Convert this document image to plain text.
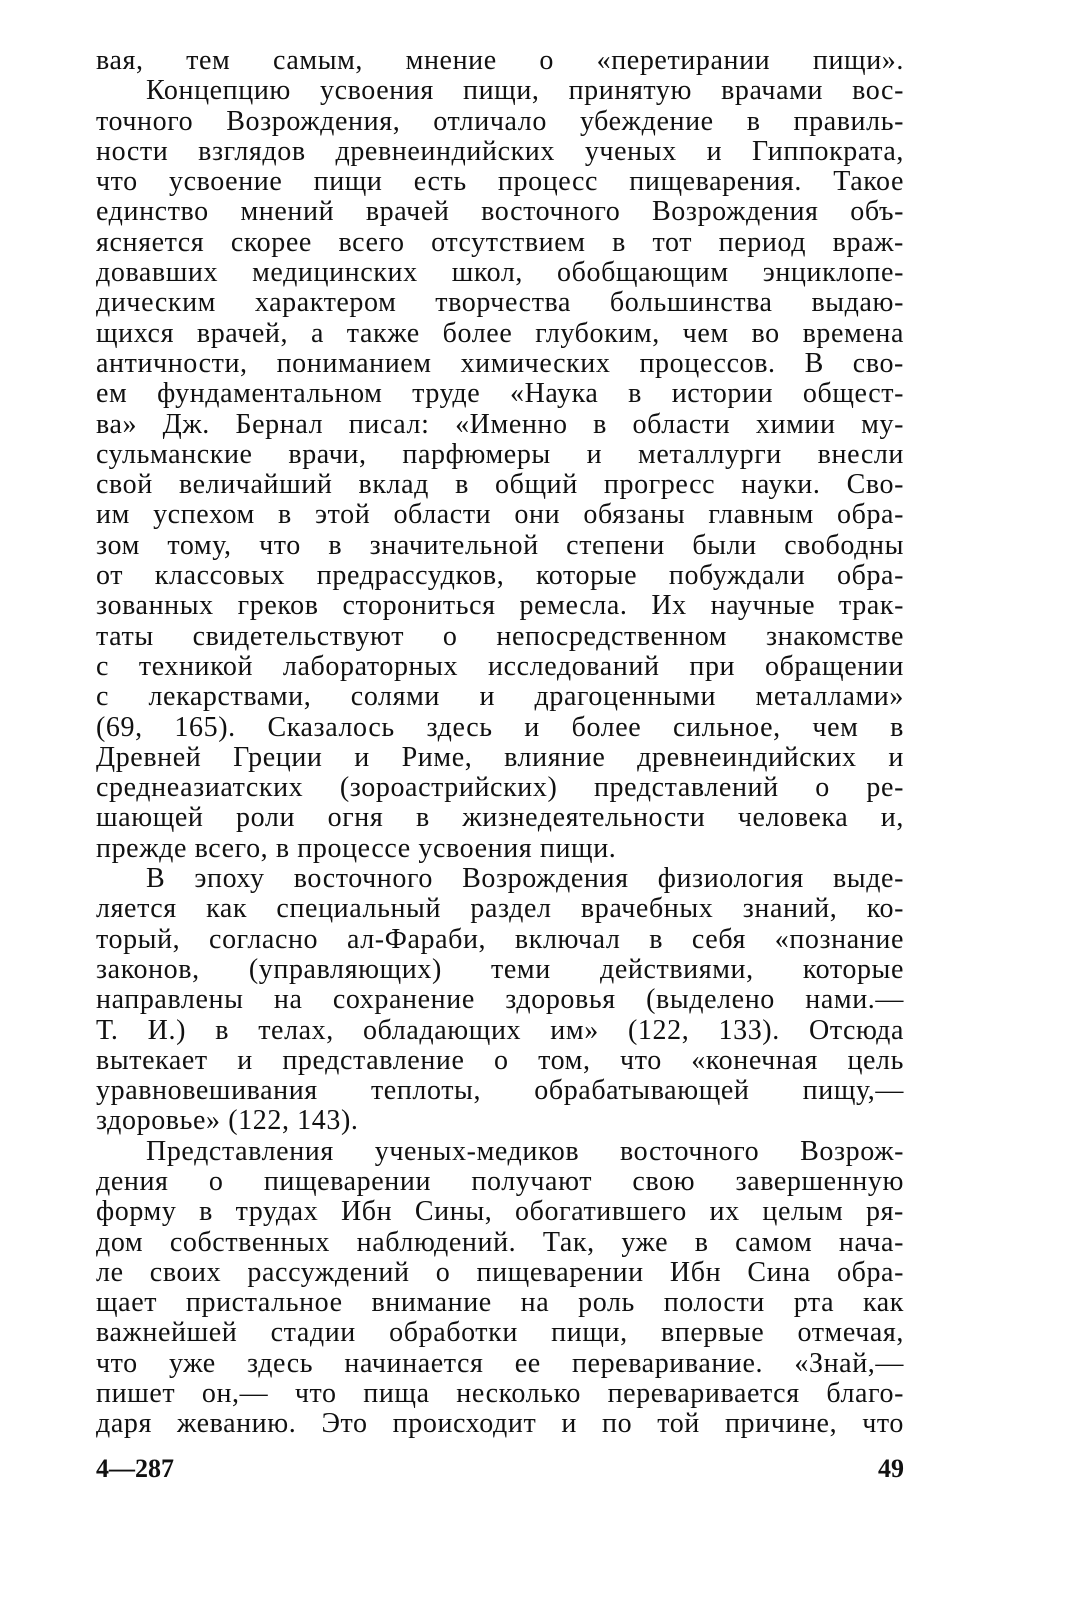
вая, тем самым, мнение о «перетирании пищи».
Концепцию усвоения пищи, принятую врачами вос-
точного Возрождения, отличало убеждение в правиль-
ности взглядов древнеиндийских ученых и Гиппократа,
что усвоение пищи есть процесс пищеварения. Такое
единство мнений врачей восточного Возрождения объ-
ясняется скорее всего отсутствием в тот период враж-
довавших медицинских школ, обобщающим энциклопе-
дическим характером творчества большинства выдаю-
щихся врачей, а также более глубоким, чем во времена
античности, пониманием химических процессов. В сво-
ем фундаментальном труде «Наука в истории общест-
ва» Дж. Бернал писал: «Именно в области химии му-
сульманские врачи, парфюмеры и металлурги внесли
свой величайший вклад в общий прогресс науки. Сво-
им успехом в этой области они обязаны главным обра-
зом тому, что в значительной степени были свободны
от классовых предрассудков, которые побуждали обра-
зованных греков сторониться ремесла. Их научные трак-
таты свидетельствуют о непосредственном знакомстве
с техникой лабораторных исследований при обращении
с лекарствами, солями и драгоценными металлами»
(69, 165). Сказалось здесь и более сильное, чем в
Древней Греции и Риме, влияние древнеиндийских и
среднеазиатских (зороастрийских) представлений о ре-
шающей роли огня в жизнедеятельности человека и,
прежде всего, в процессе усвоения пищи.
В эпоху восточного Возрождения физиология выде-
ляется как специальный раздел врачебных знаний, ко-
торый, согласно ал-Фараби, включал в себя «познание
законов, (управляющих) теми действиями, которые
направлены на сохранение здоровья (выделено нами.—
Т. И.) в телах, обладающих им» (122, 133). Отсюда
вытекает и представление о том, что «конечная цель
уравновешивания теплоты, обрабатывающей пищу,—
здоровье» (122, 143).
Представления ученых-медиков восточного Возрож-
дения о пищеварении получают свою завершенную
форму в трудах Ибн Сины, обогатившего их целым ря-
дом собственных наблюдений. Так, уже в самом нача-
ле своих рассуждений о пищеварении Ибн Сина обра-
щает пристальное внимание на роль полости рта как
важнейшей стадии обработки пищи, впервые отмечая,
что уже здесь начинается ее переваривание. «Знай,—
пишет он,— что пища несколько переваривается благо-
даря жеванию. Это происходит и по той причине, что
4—287	49
